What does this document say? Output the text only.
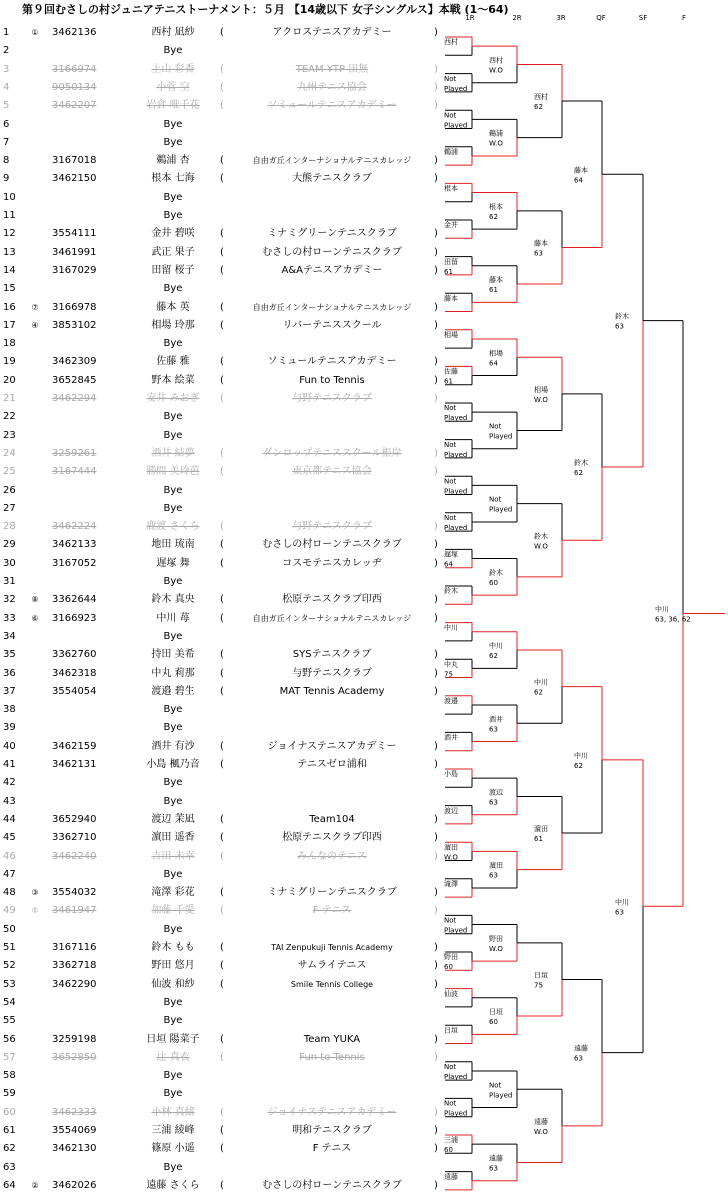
第９回むさしの村ジュニアテニストーナメント：５月 【14歳以下 女子シングルス】本戦 (1～64)
1R	2R	3R	QF	SF	F
1	①	3462136	西村 凪紗	(	アクロステニスアカデミー	)
2	Bye
3	3166974	上山 彩香	(	TEAM YTP 田無	)
4	9050134	小菅 空	(	九州テニス協会	)
5	3462207	岩倉 唯千花	(	ソミュールテニスアカデミー	)
6	Bye
7	Bye
8	3167018	鵜浦 杏	(	自由ガ丘インターナショナルテニスカレッジ	)
9	3462150	根本 七海	(	大熊テニスクラブ	)
10	Bye
11	Bye
12	3554111	金井 碧咲	(	ミナミグリーンテニスクラブ	)
13	3461991	武正 果子	(	むさしの村ローンテニスクラブ	)
14	3167029	田留 桜子	(	A&Aテニスアカデミー	)
15	Bye
16	⑦	3166978	藤本 英	(	自由ガ丘インターナショナルテニスカレッジ	)
17	④	3853102	相場 玲那	(	リバーテニススクール	)
18	Bye
19	3462309	佐藤 雅	(	ソミュールテニスアカデミー	)
20	3652845	野本 絵菜	(	Fun to Tennis	)
21	3462294	安井 みおぎ	(	与野テニスクラブ	)
22	Bye
23	Bye
24	3259261	酒井 結夢	(	ダンロップテニススクール根岸	)
25	3167444	勝間 美玲芭	(	東京都テニス協会	)
26	Bye
27	Bye
28	3462224	鹿渡 さくら	(	与野テニスクラブ	)
29	3462133	地田 琉南	(	むさしの村ローンテニスクラブ	)
30	3167052	遅塚 舞	(	コスモテニスカレッヂ	)
31	Bye
32	⑧	3362644	鈴木 真央	(	松原テニスクラブ印西	)
33	⑥	3166923	中川 苺	(	自由ガ丘インターナショナルテニスカレッジ	)
34	Bye
35	3362760	持田 美希	(	SYSテニスクラブ	)
36	3462318	中丸 莉那	(	与野テニスクラブ	)
37	3554054	渡邉 碧生	(	MAT Tennis Academy	)
38	Bye
39	Bye
40	3462159	酒井 有沙	(	ジョイナステニスアカデミー	)
41	3462131	小島 楓乃音	(	テニスゼロ浦和	)
42	Bye
43	Bye
44	3652940	渡辺 茉凪	(	Team104	)
45	3362710	濵田 遥香	(	松原テニスクラブ印西	)
46	3462240	吉田 未幸	(	みんなのテニス	)
47	Bye
48	③	3554032	滝澤 彩花	(	ミナミグリーンテニスクラブ	)
49	⑤	3461947	加藤 千愛	(	F テニス	)
50	Bye
51	3167116	鈴木 もも	(	TAI Zenpukuji Tennis Academy	)
52	3362718	野田 悠月	(	サムライテニス	)
53	3462290	仙波 和紗	(	Smile Tennis College	)
54	Bye
55	Bye
56	3259198	日垣 陽菜子	(	Team YUKA	)
57	3652850	辻 真衣	(	Fun to Tennis	)
58	Bye
59	Bye
60	3462333	小林 真緒	(	ジョイナステニスアカデミー	)
61	3554069	三浦 綾峰	(	明和テニスクラブ	)
62	3462130	篠原 小遥	(	F テニス	)
63	Bye
64	②	3462026	遠藤 さくら	(	むさしの村ローンテニスクラブ	)
西村
Not
Played
Not
Played
鵜浦
根本
金井
田留
61
藤本
相場
佐藤
61
Not
Played
Not
Played
Not
Played
Not
Played
遅塚
64
鈴木
中川
中丸
75
渡邉
酒井
小島
渡辺
濵田
W.O
滝澤
Not
Played
野田
60
仙波
日垣
Not
Played
Not
Played
三浦
60
遠藤
西村
W.O
鵜浦
W.O
根本
62
藤本
61
相場
64
Not
Played
Not
Played
鈴木
60
中川
62
酒井
63
渡辺
63
濵田
63
野田
W.O
日垣
60
Not
Played
遠藤
63
西村
62
藤本
63
相場
W.O
鈴木
W.O
中川
62
濵田
61
日垣
75
遠藤
W.O
藤本
64
鈴木
62
中川
62
遠藤
63
鈴木
63
中川
63
中川
63, 36, 62
